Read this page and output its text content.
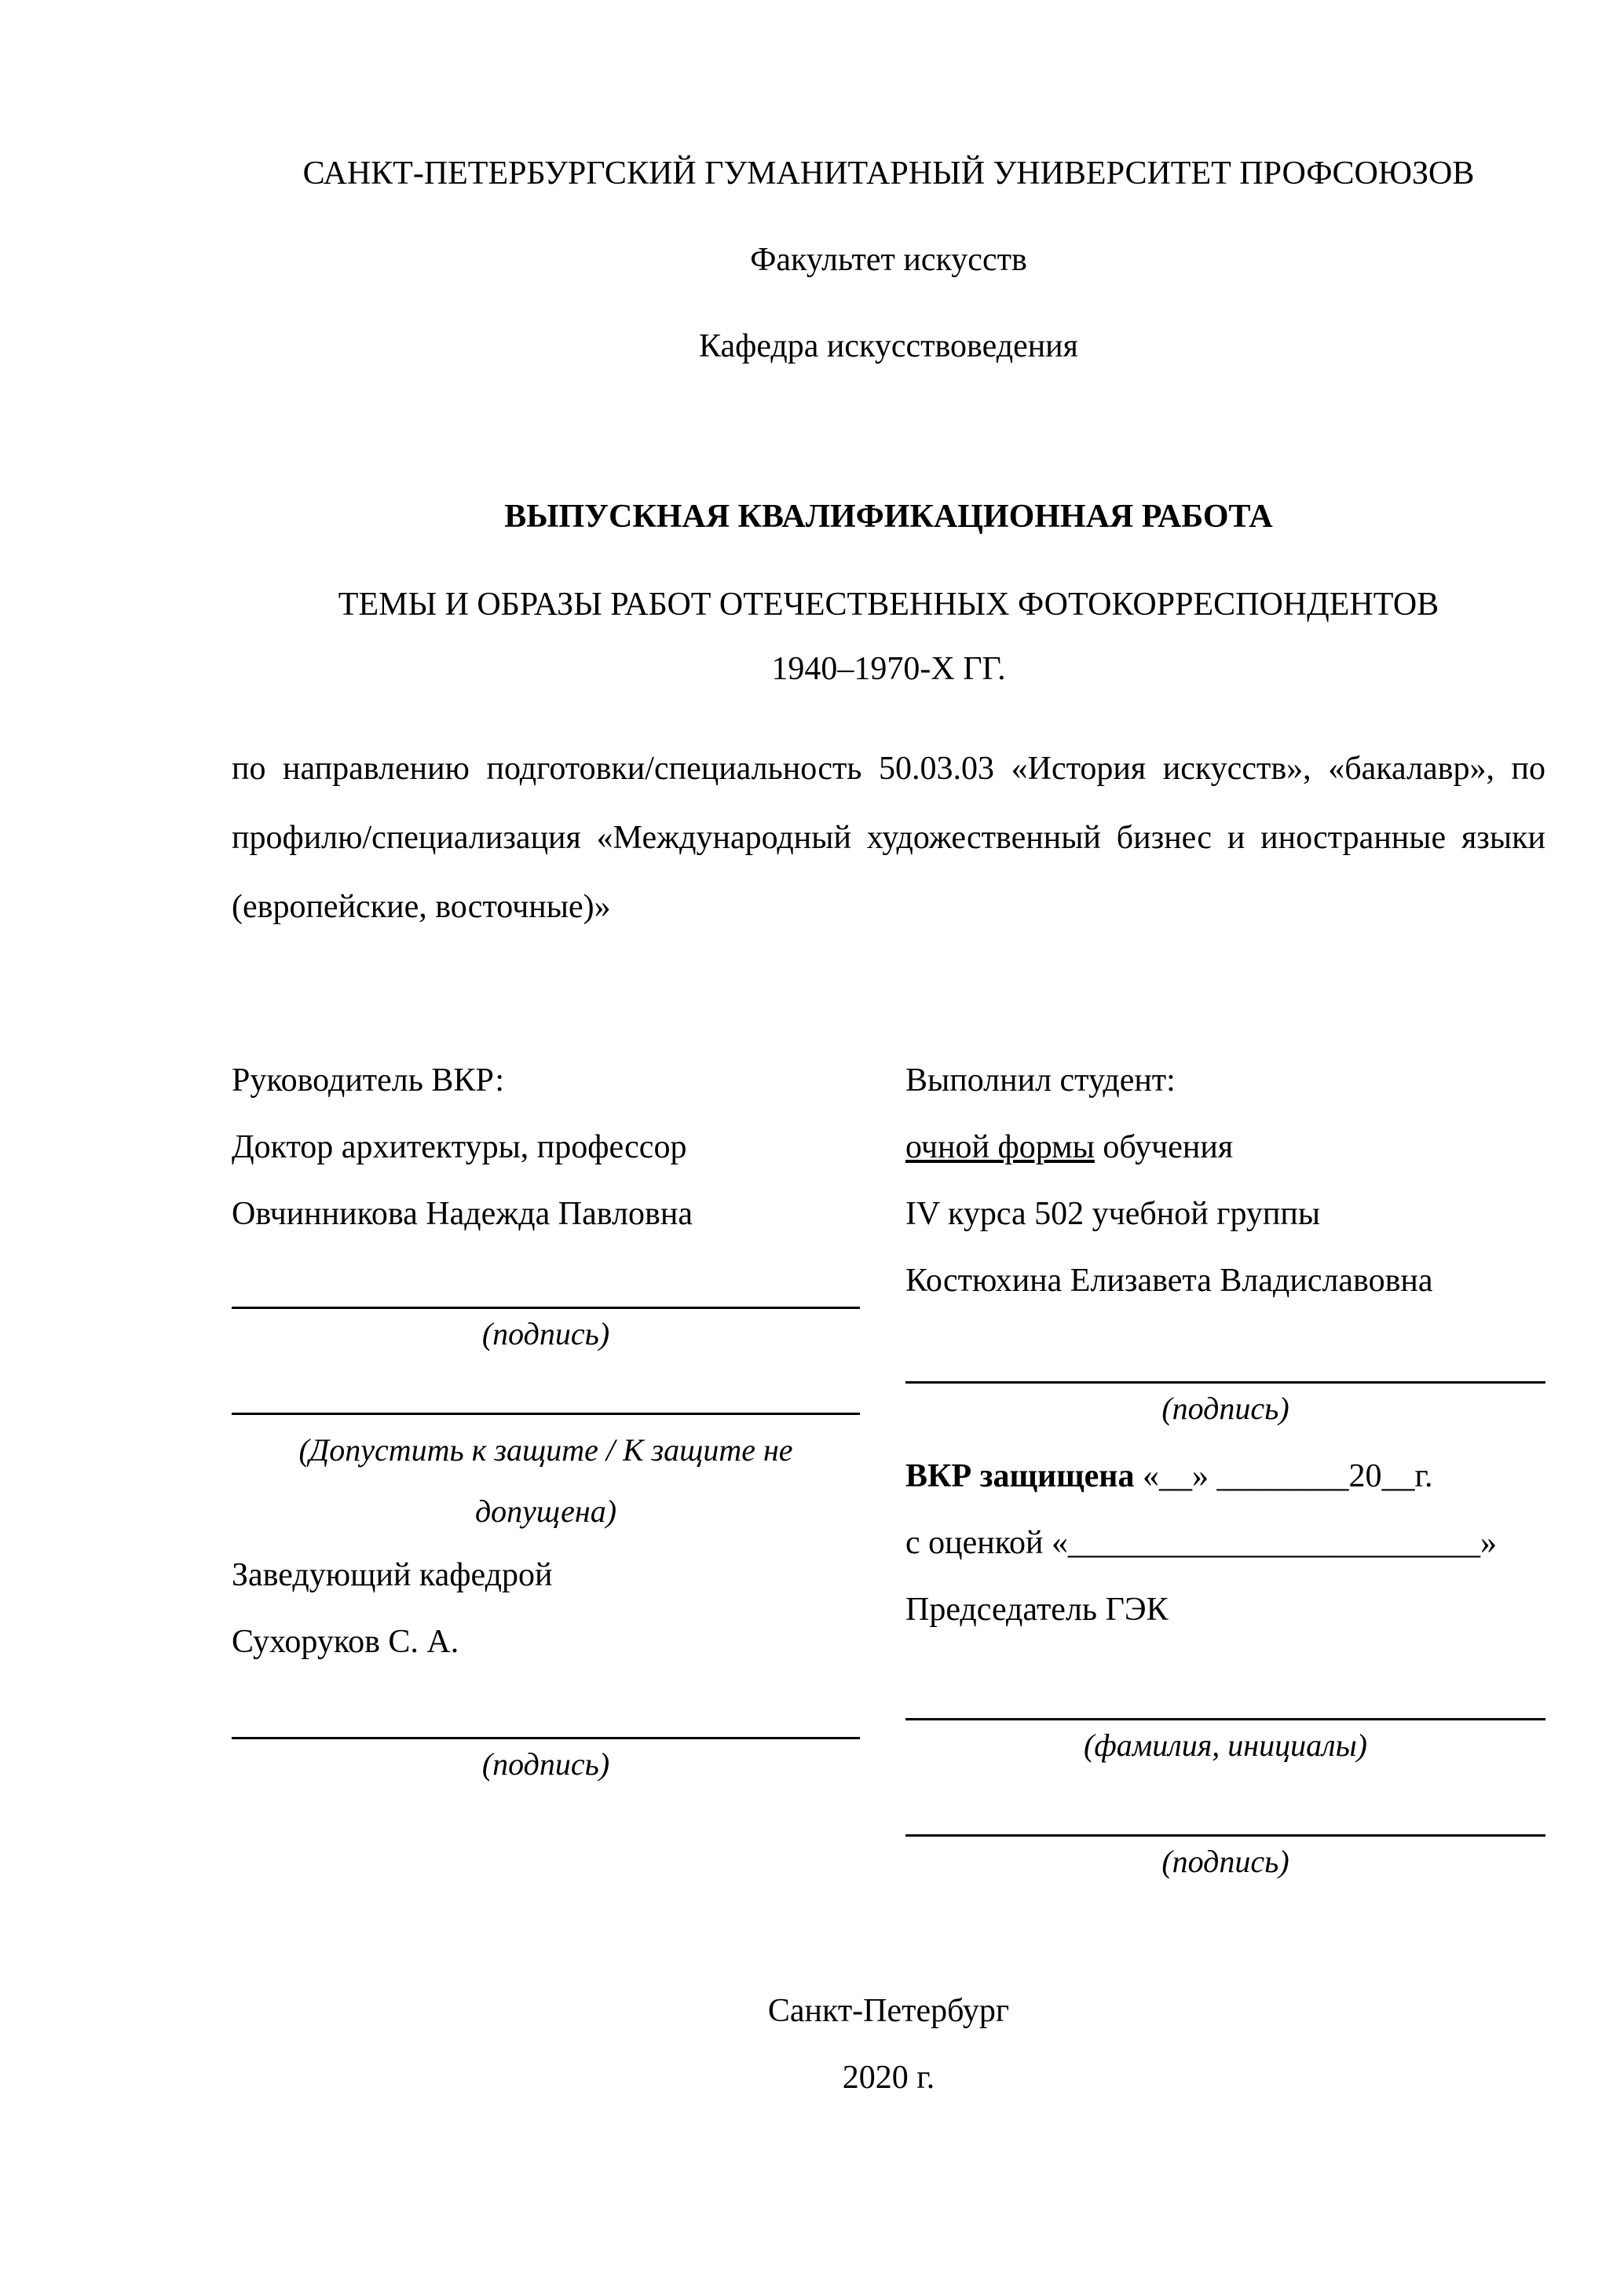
САНКТ-ПЕТЕРБУРГСКИЙ ГУМАНИТАРНЫЙ УНИВЕРСИТЕТ ПРОФСОЮЗОВ
Факультет искусств
Кафедра искусствоведения
ВЫПУСКНАЯ КВАЛИФИКАЦИОННАЯ РАБОТА
ТЕМЫ И ОБРАЗЫ РАБОТ ОТЕЧЕСТВЕННЫХ ФОТОКОРРЕСПОНДЕНТОВ
1940–1970-Х ГГ.

по направлению подготовки/специальность 50.03.03 «История искусств», «бакалавр», по профилю/специализация «Международный художественный бизнес и иностранные языки (европейские, восточные)»

Руководитель ВКР:
Доктор архитектуры, профессор
Овчинникова Надежда Павловна
(подпись)
(Допустить к защите / К защите не допущена)
Заведующий кафедрой
Сухоруков С. А.
(подпись)
Выполнил студент:
очной формы обучения
IV курса 502 учебной группы
Костюхина Елизавета Владиславовна
(подпись)
ВКР защищена «__» ________20__г.
с оценкой «_________________________»
Председатель ГЭК
(фамилия, инициалы)
(подпись)
Санкт-Петербург
2020 г.
